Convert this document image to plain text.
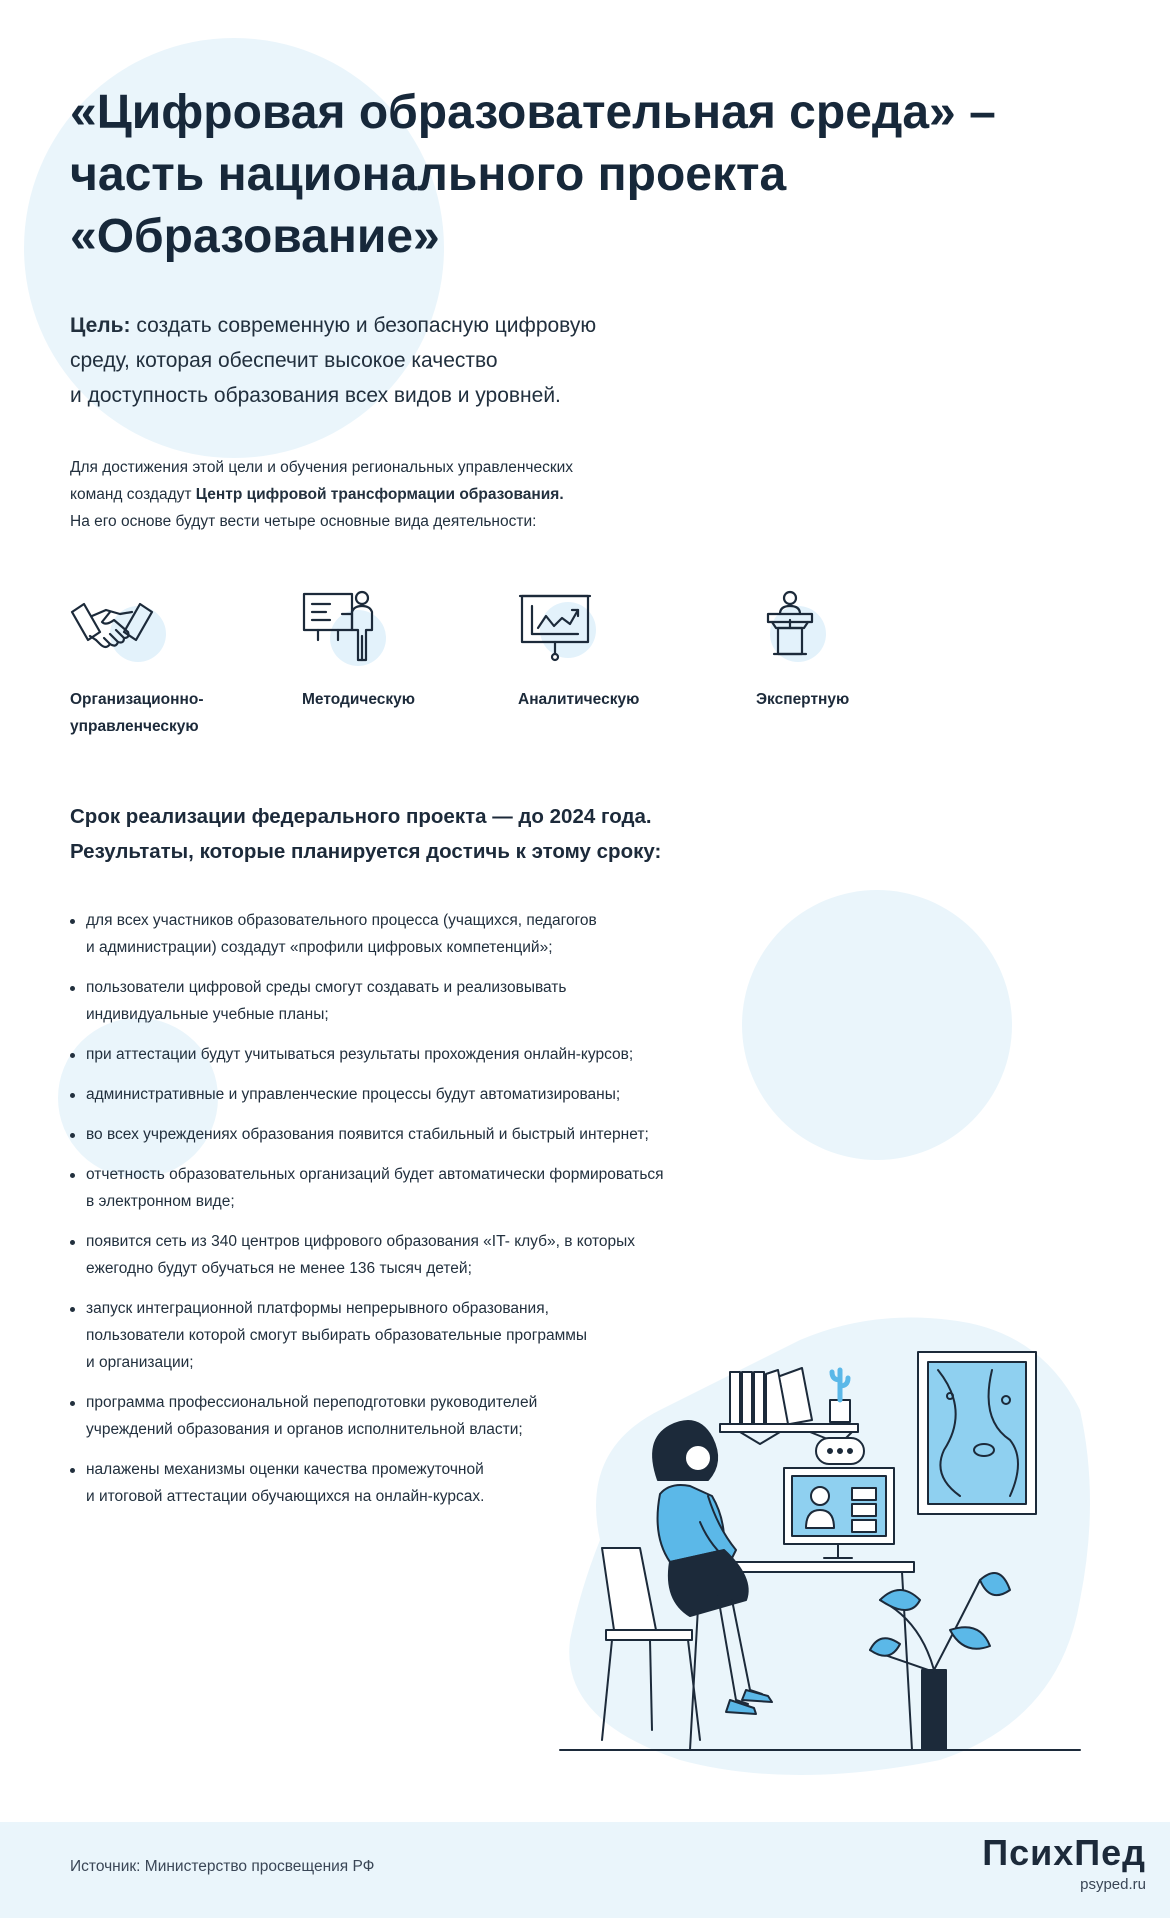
«Цифровая образовательная среда» –
часть национального проекта
«Образование»
Цель: создать современную и безопасную цифровую
среду, которая обеспечит высокое качество
и доступность образования всех видов и уровней.
Для достижения этой цели и обучения региональных управленческих
команд создадут Центр цифровой трансформации образования.
На его основе будут вести четыре основные вида деятельности:
Организационно-
управленческую
Методическую	Аналитическую	Экспертную
Срок реализации федерального проекта — до 2024 года.
Результаты, которые планируется достичь к этому сроку:
для всех участников образовательного процесса (учащихся, педагогов
и администрации) создадут «профили цифровых компетенций»;
пользователи цифровой среды смогут создавать и реализовывать
индивидуальные учебные планы;
при аттестации будут учитываться результаты прохождения онлайн-курсов;
административные и управленческие процессы будут автоматизированы;
во всех учреждениях образования появится стабильный и быстрый интернет;
отчетность образовательных организаций будет автоматически формироваться
в электронном виде;
появится сеть из 340 центров цифрового образования «IT- клуб», в которых
ежегодно будут обучаться не менее 136 тысяч детей;
запуск интеграционной платформы непрерывного образования,
пользователи которой смогут выбирать образовательные программы
и организации;
программа профессиональной переподготовки руководителей
учреждений образования и органов исполнительной власти;
налажены механизмы оценки качества промежуточной
и итоговой аттестации обучающихся на онлайн-курсах.
Источник: Министерство просвещения РФ	ПсихПед
psyped.ru
